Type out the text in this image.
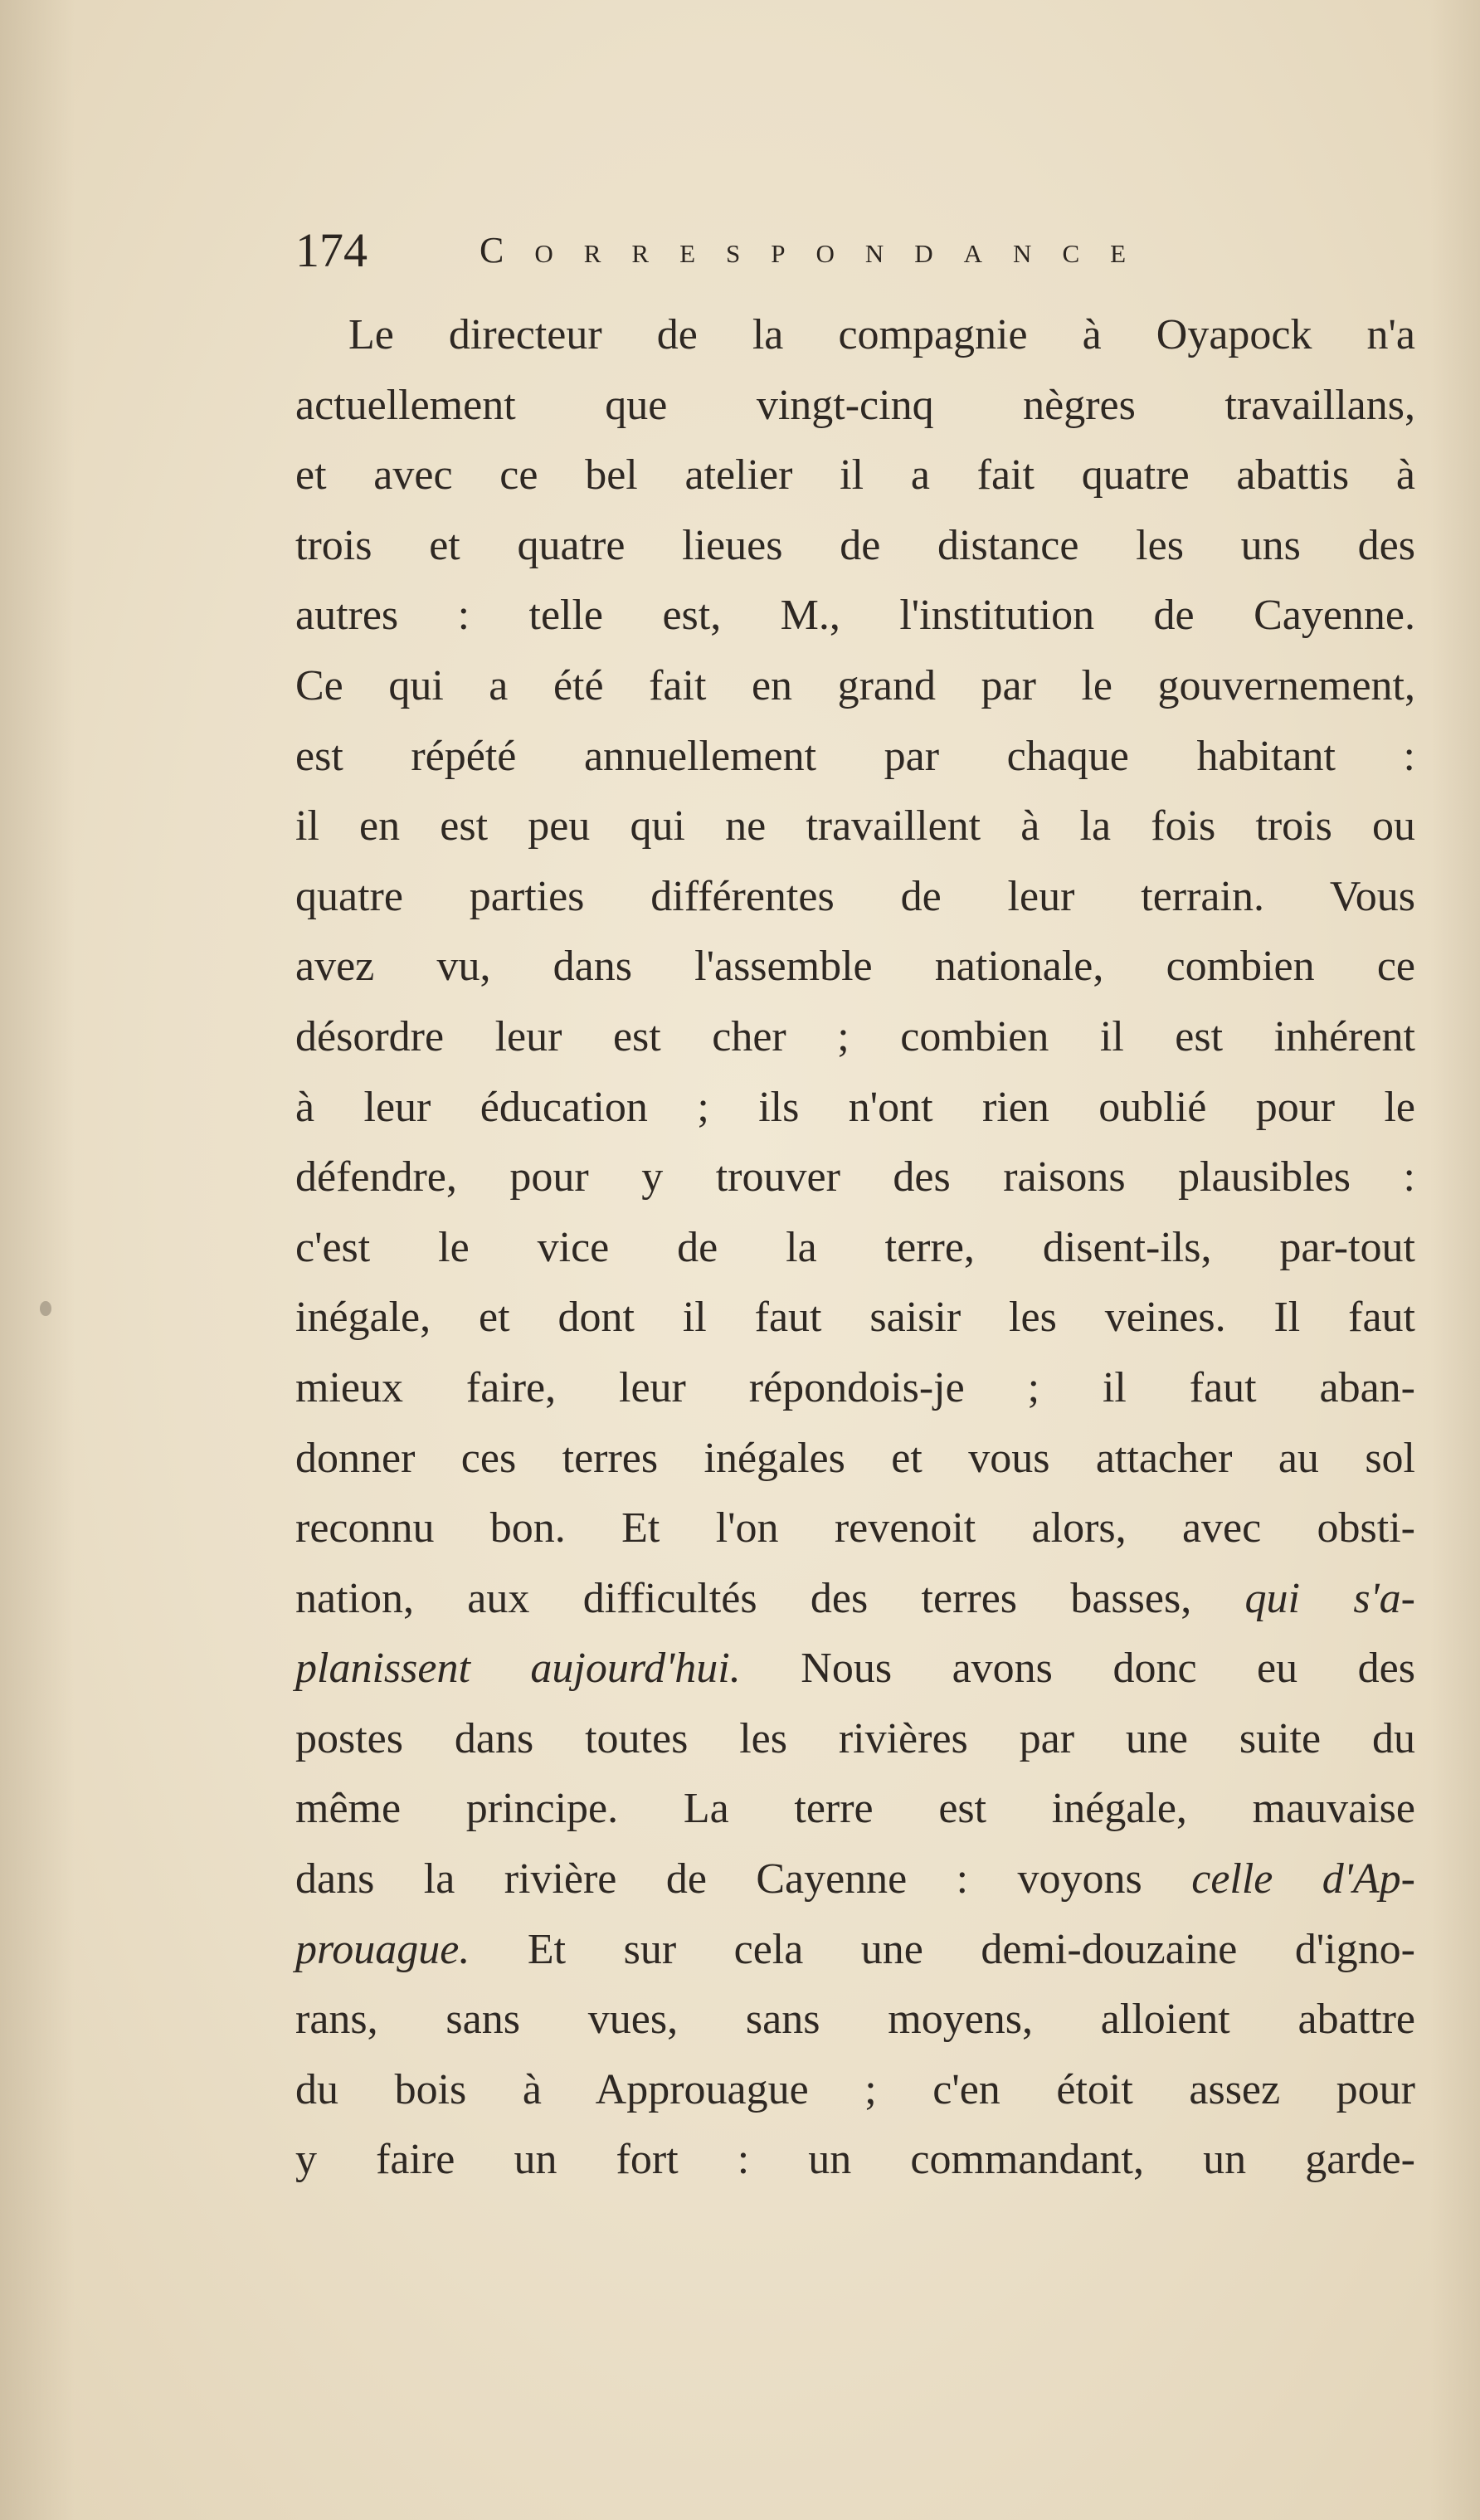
174	Correspondance
Le directeur de la compagnie à Oyapock n'a
actuellement que vingt-cinq nègres travaillans,
et avec ce bel atelier il a fait quatre abattis à
trois et quatre lieues de distance les uns des
autres : telle est, M., l'institution de Cayenne.
Ce qui a été fait en grand par le gouvernement,
est répété annuellement par chaque habitant :
il en est peu qui ne travaillent à la fois trois ou
quatre parties différentes de leur terrain. Vous
avez vu, dans l'assemble nationale, combien ce
désordre leur est cher ; combien il est inhérent
à leur éducation ; ils n'ont rien oublié pour le
défendre, pour y trouver des raisons plausibles :
c'est le vice de la terre, disent-ils, par-tout
inégale, et dont il faut saisir les veines. Il faut
mieux faire, leur répondois-je ; il faut aban-
donner ces terres inégales et vous attacher au sol
reconnu bon. Et l'on revenoit alors, avec obsti-
nation, aux difficultés des terres basses, qui s'a-
planissent aujourd'hui. Nous avons donc eu des
postes dans toutes les rivières par une suite du
même principe. La terre est inégale, mauvaise
dans la rivière de Cayenne : voyons celle d'Ap-
prouague. Et sur cela une demi-douzaine d'igno-
rans, sans vues, sans moyens, alloient abattre
du bois à Approuague ; c'en étoit assez pour
y faire un fort : un commandant, un garde-
